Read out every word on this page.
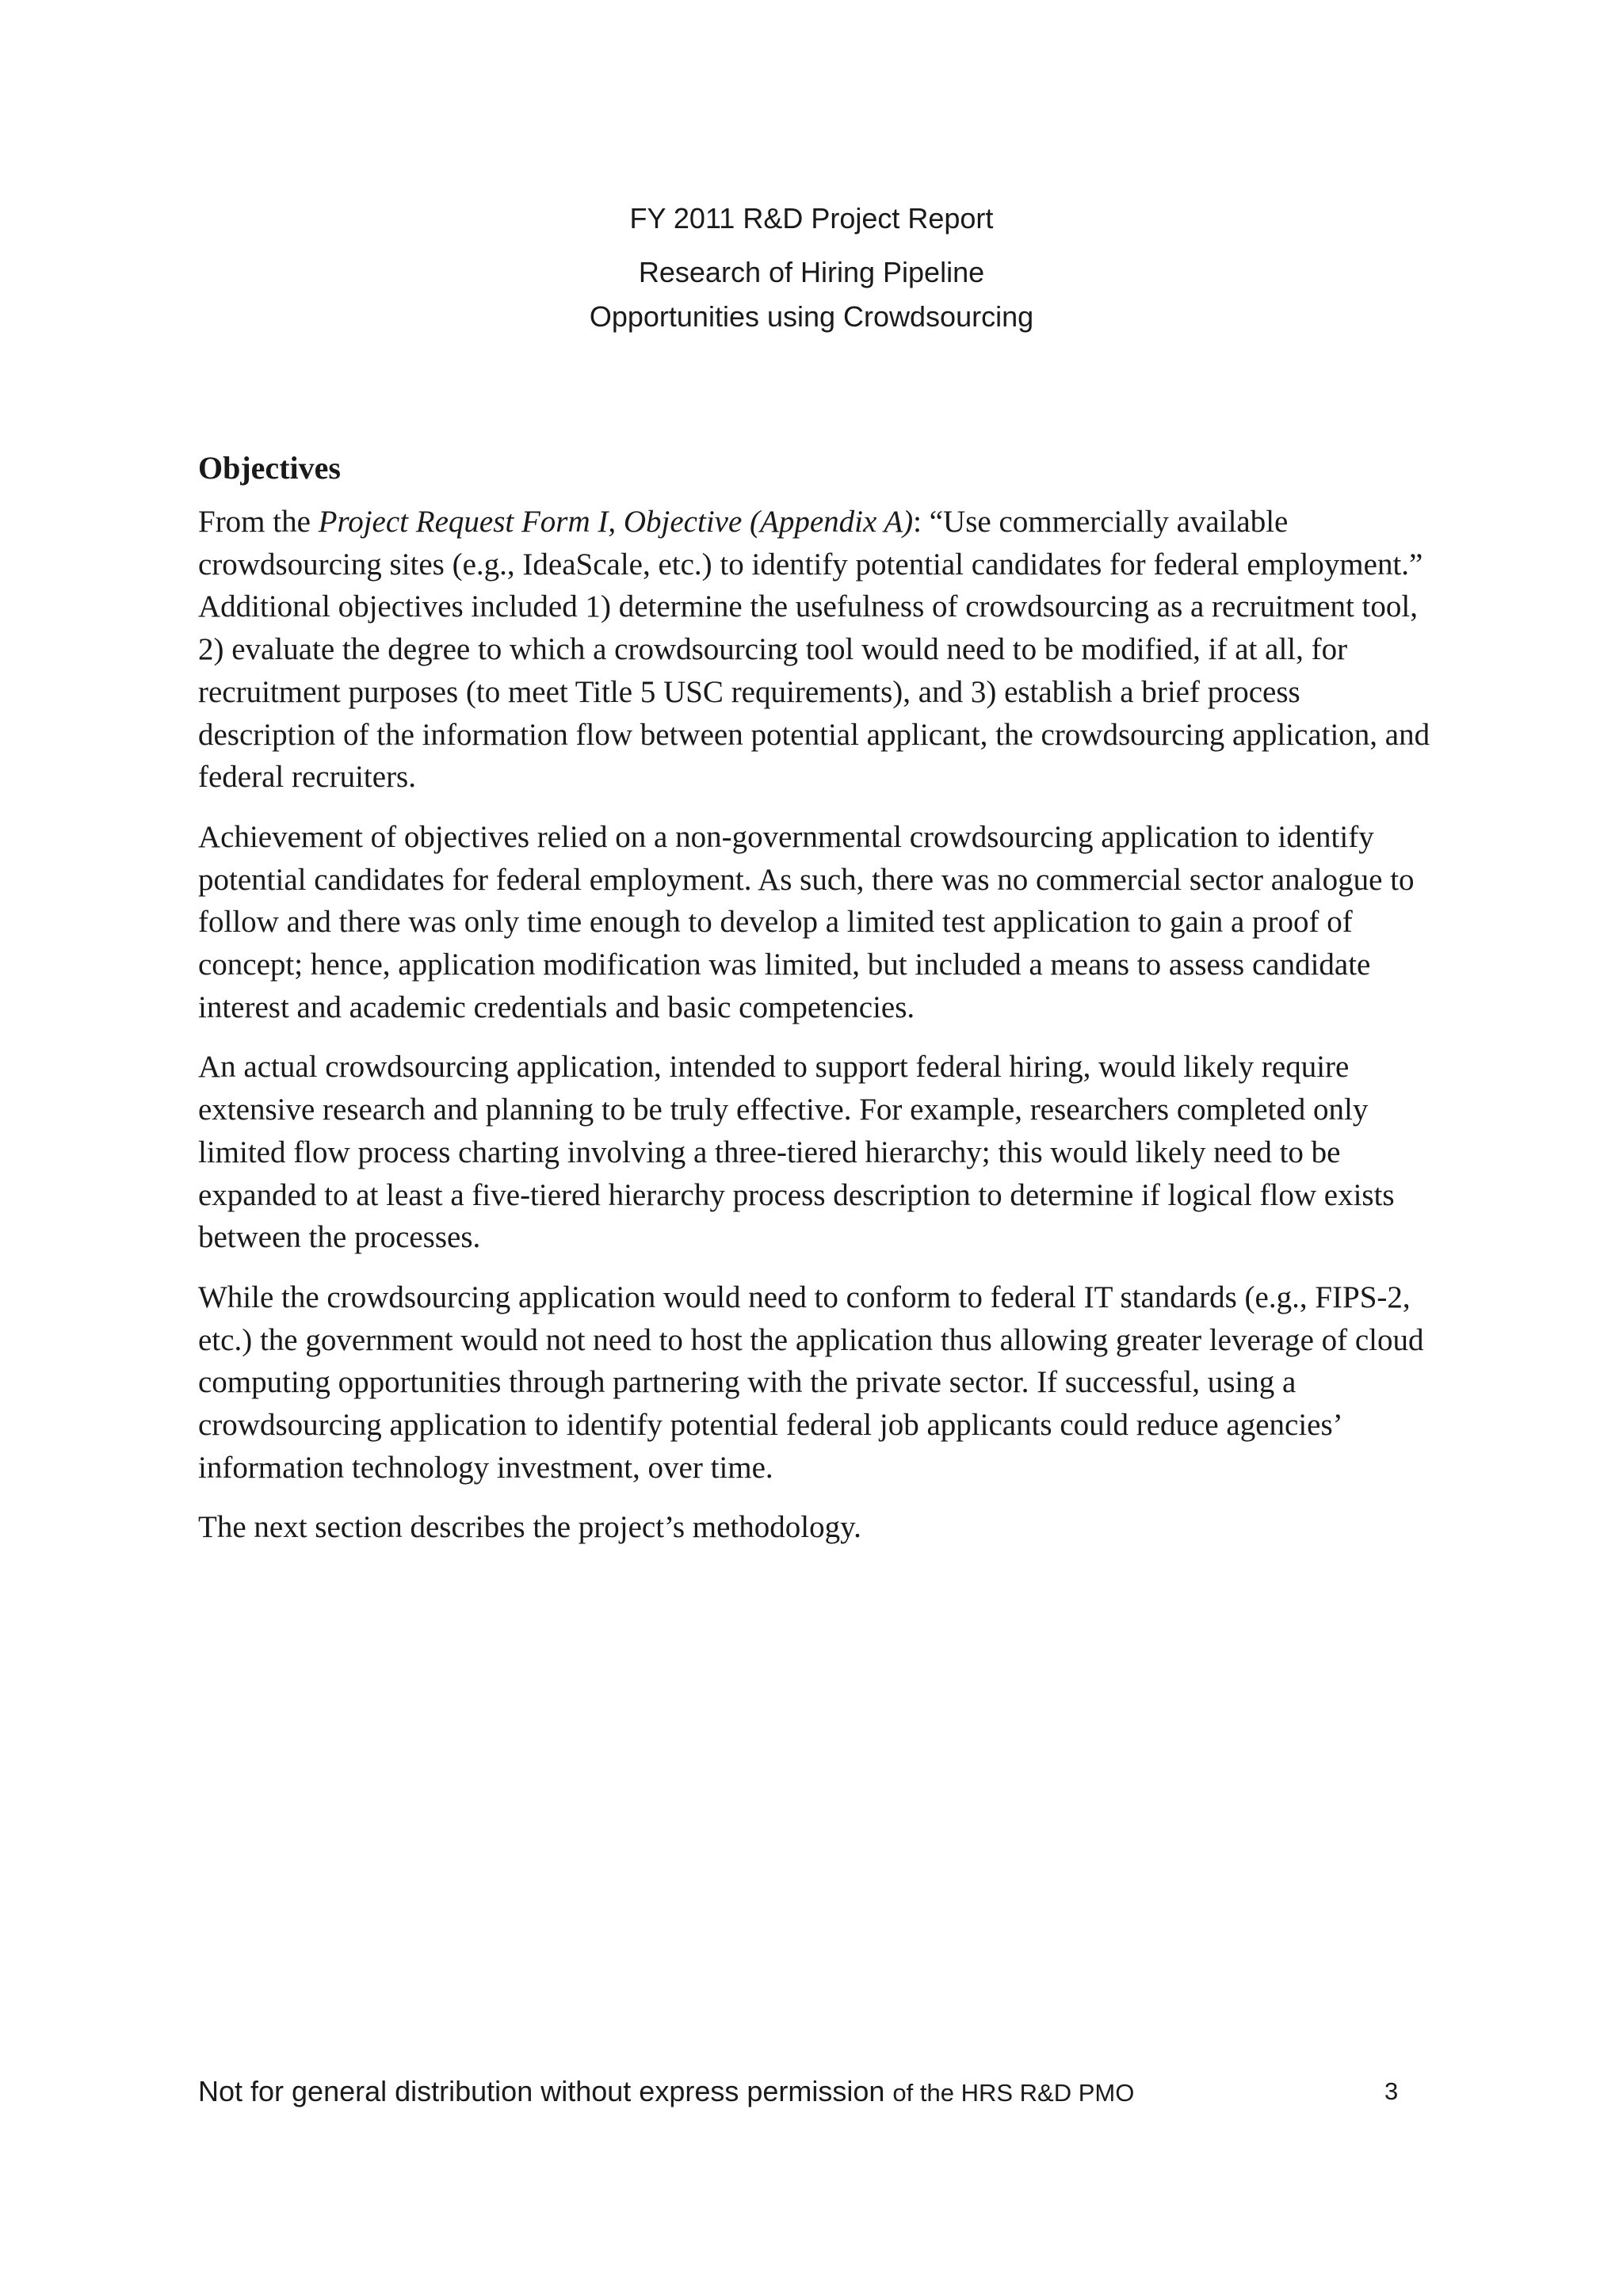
FY 2011 R&D Project Report
Research of Hiring Pipeline
Opportunities using Crowdsourcing
Objectives

From the Project Request Form I, Objective (Appendix A): “Use commercially available crowdsourcing sites (e.g., IdeaScale, etc.) to identify potential candidates for federal employment.” Additional objectives included 1) determine the usefulness of crowdsourcing as a recruitment tool, 2) evaluate the degree to which a crowdsourcing tool would need to be modified, if at all, for recruitment purposes (to meet Title 5 USC requirements), and 3) establish a brief process description of the information flow between potential applicant, the crowdsourcing application, and federal recruiters.

Achievement of objectives relied on a non-governmental crowdsourcing application to identify potential candidates for federal employment. As such, there was no commercial sector analogue to follow and there was only time enough to develop a limited test application to gain a proof of concept; hence, application modification was limited, but included a means to assess candidate interest and academic credentials and basic competencies.

An actual crowdsourcing application, intended to support federal hiring, would likely require extensive research and planning to be truly effective. For example, researchers completed only limited flow process charting involving a three-tiered hierarchy; this would likely need to be expanded to at least a five-tiered hierarchy process description to determine if logical flow exists between the processes.

While the crowdsourcing application would need to conform to federal IT standards (e.g., FIPS-2, etc.) the government would not need to host the application thus allowing greater leverage of cloud computing opportunities through partnering with the private sector. If successful, using a crowdsourcing application to identify potential federal job applicants could reduce agencies’ information technology investment, over time.

The next section describes the project’s methodology.

Not for general distribution without express permission of the HRS R&D PMO	3
